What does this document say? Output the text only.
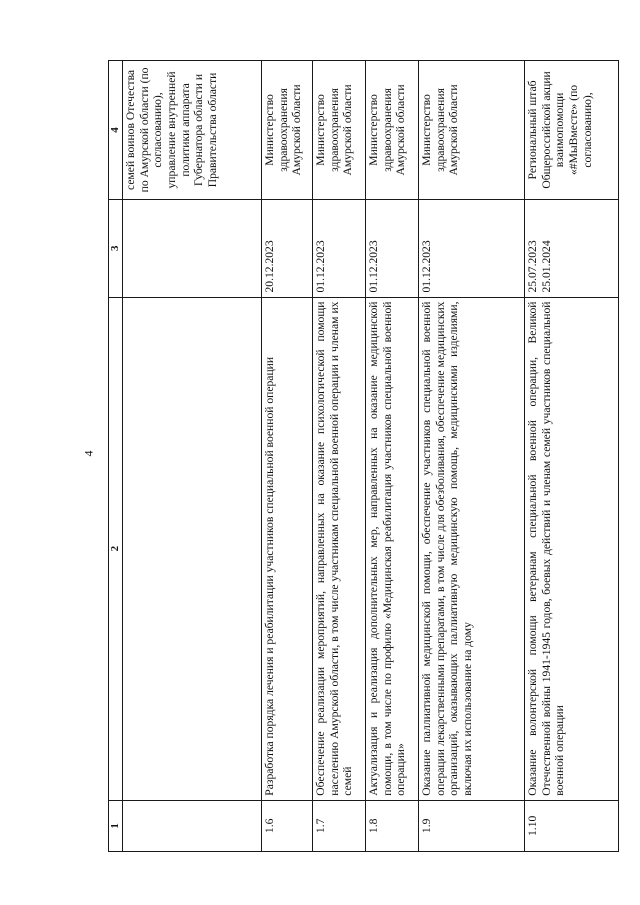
4
1	2	3	4
			семей воинов Отечества по Амурской области (по согласованию), управление внутренней политики аппарата Губернатора области и Правительства области
1.6	Разработка порядка лечения и реабилитации участников специальной военной операции	20.12.2023	Министерство здравоохранения Амурской области
1.7	Обеспечение реализации мероприятий, направленных на оказание психологической помощи населению Амурской области, в том числе участникам специальной военной операции и членам их семей	01.12.2023	Министерство здравоохранения Амурской области
1.8	Актуализация и реализация дополнительных мер, направленных на оказание медицинской помощи, в том числе по профилю «Медицинская реабилитация участников специальной военной операции»	01.12.2023	Министерство здравоохранения Амурской области
1.9	Оказание паллиативной медицинской помощи, обеспечение участников специальной военной операции лекарственными препаратами, в том числе для обезболивания, обеспечение медицинских организаций, оказывающих паллиативную медицинскую помощь, медицинскими изделиями, включая их использование на дому	01.12.2023	Министерство здравоохранения Амурской области
1.10	Оказание волонтерской помощи ветеранам специальной военной операции, Великой Отечественной войны 1941-1945 годов, боевых действий и членам семей участников специальной военной операции	25.07.2023 25.01.2024	Региональный штаб Общероссийской акции взаимопомощи «#МыВместе» (по согласованию),
